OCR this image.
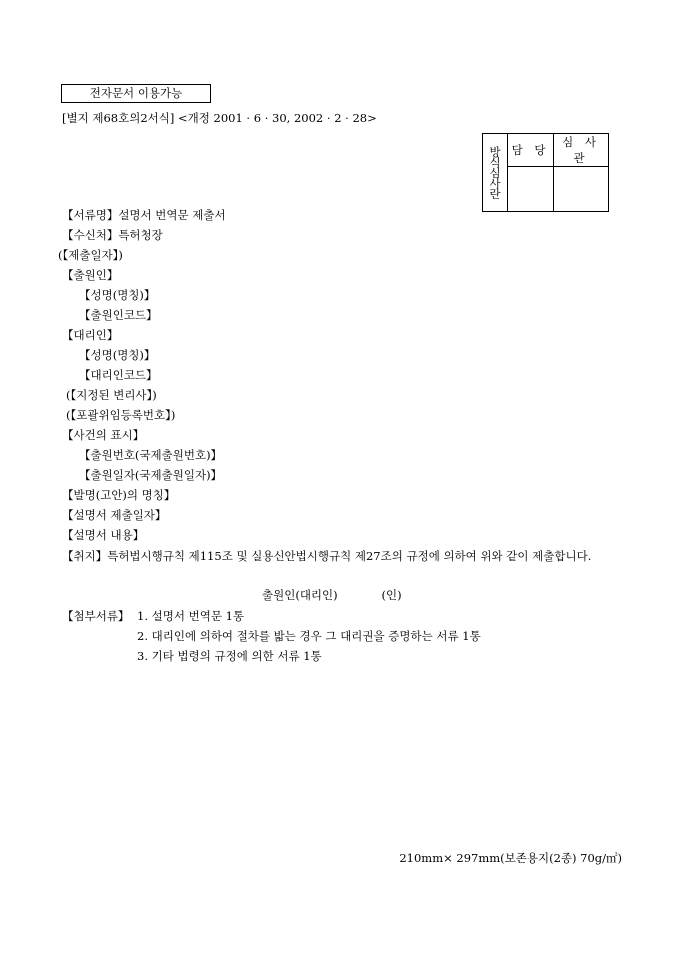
전자문서 이용가능
[별지 제68호의2서식] <개정 2001 · 6 · 30, 2002 · 2 · 28>
방식심사란	담 당	심 사 관

【서류명】설명서 번역문 제출서
【수신처】특허청장
(【제출일자】)
【출원인】
【성명(명칭)】
【출원인코드】
【대리인】
【성명(명칭)】
【대리인코드】
(【지정된 변리사】)
(【포괄위임등록번호】)
【사건의 표시】
【출원번호(국제출원번호)】
【출원일자(국제출원일자)】
【발명(고안)의 명칭】
【설명서 제출일자】
【설명서 내용】
【취지】특허법시행규칙 제115조 및 실용신안법시행규칙 제27조의 규정에 의하여 위와 같이 제출합니다.
출원인(대리인)            (인)
【첨부서류】 1. 설명서 번역문 1통
2. 대리인에 의하여 절차를 밟는 경우 그 대리권을 증명하는 서류 1통
3. 기타 법령의 규정에 의한 서류 1통
210mm× 297mm(보존용지(2종) 70g/㎡)
